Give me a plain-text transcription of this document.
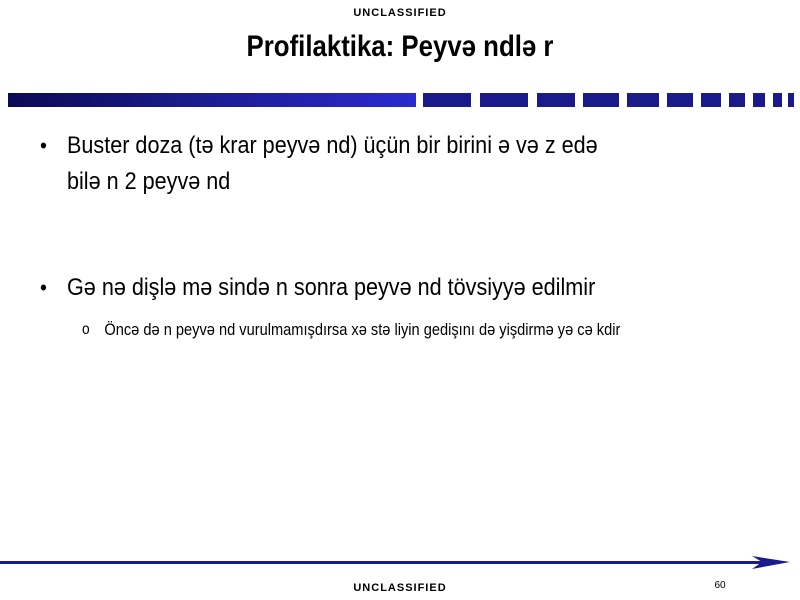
UNCLASSIFIED
Profilaktika: Peyvə ndlə r
• Buster doza (tə krar peyvə nd) üçün bir birini ə və z edə
bilə n 2 peyvə nd
• Gə nə dişlə mə sində n sonra peyvə nd tövsiyyə edilmir
o Öncə də n peyvə nd vurulmamışdırsa xə stə liyin gedişını də yişdirmə yə cə kdir
60
UNCLASSIFIED
